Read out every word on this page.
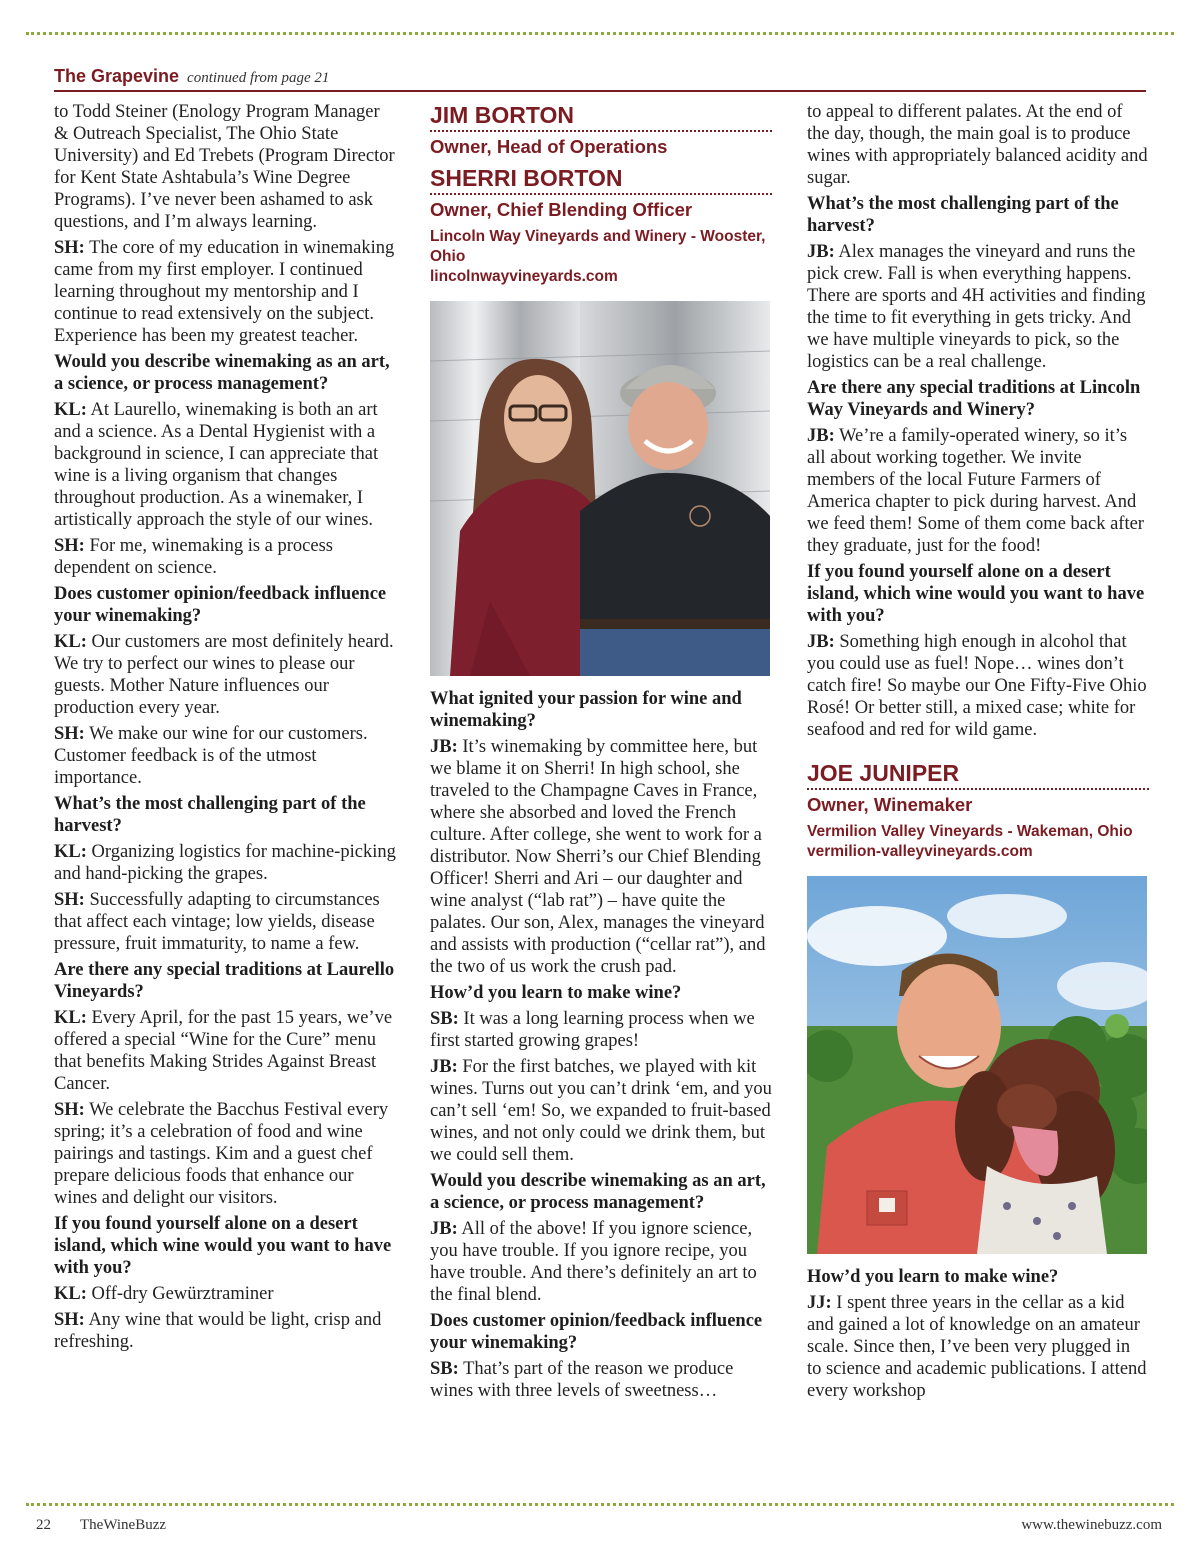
The Grapevine continued from page 21

to Todd Steiner (Enology Program Manager & Outreach Specialist, The Ohio State University) and Ed Trebets (Program Director for Kent State Ashtabula’s Wine Degree Programs). I’ve never been ashamed to ask questions, and I’m always learning.

SH: The core of my education in winemaking came from my first employer. I continued learning throughout my mentorship and I continue to read extensively on the subject. Experience has been my greatest teacher.

Would you describe winemaking as an art, a science, or process management?

KL: At Laurello, winemaking is both an art and a science. As a Dental Hygienist with a background in science, I can appreciate that wine is a living organism that changes throughout production. As a winemaker, I artistically approach the style of our wines.

SH: For me, winemaking is a process dependent on science.

Does customer opinion/feedback influence your winemaking?

KL: Our customers are most definitely heard. We try to perfect our wines to please our guests. Mother Nature influences our production every year.

SH: We make our wine for our customers. Customer feedback is of the utmost importance.

What’s the most challenging part of the harvest?

KL: Organizing logistics for machine-picking and hand-picking the grapes.

SH: Successfully adapting to circumstances that affect each vintage; low yields, disease pressure, fruit immaturity, to name a few.

Are there any special traditions at Laurello Vineyards?

KL: Every April, for the past 15 years, we’ve offered a special “Wine for the Cure” menu that benefits Making Strides Against Breast Cancer.

SH: We celebrate the Bacchus Festival every spring; it’s a celebration of food and wine pairings and tastings. Kim and a guest chef prepare delicious foods that enhance our wines and delight our visitors.

If you found yourself alone on a desert island, which wine would you want to have with you?

KL: Off-dry Gewürztraminer

SH: Any wine that would be light, crisp and refreshing.

JIM BORTON
Owner, Head of Operations
SHERRI BORTON
Owner, Chief Blending Officer
Lincoln Way Vineyards and Winery - Wooster, Ohio
lincolnwayvineyards.com

What ignited your passion for wine and winemaking?

JB: It’s winemaking by committee here, but we blame it on Sherri! In high school, she traveled to the Champagne Caves in France, where she absorbed and loved the French culture. After college, she went to work for a distributor. Now Sherri’s our Chief Blending Officer! Sherri and Ari – our daughter and wine analyst (“lab rat”) – have quite the palates. Our son, Alex, manages the vineyard and assists with production (“cellar rat”), and the two of us work the crush pad.

How’d you learn to make wine?

SB: It was a long learning process when we first started growing grapes!

JB: For the first batches, we played with kit wines. Turns out you can’t drink ‘em, and you can’t sell ‘em! So, we expanded to fruit-based wines, and not only could we drink them, but we could sell them.

Would you describe winemaking as an art, a science, or process management?

JB: All of the above! If you ignore science, you have trouble. If you ignore recipe, you have trouble. And there’s definitely an art to the final blend.

Does customer opinion/feedback influence your winemaking?

SB: That’s part of the reason we produce wines with three levels of sweetness…

to appeal to different palates. At the end of the day, though, the main goal is to produce wines with appropriately balanced acidity and sugar.

What’s the most challenging part of the harvest?

JB: Alex manages the vineyard and runs the pick crew. Fall is when everything happens. There are sports and 4H activities and finding the time to fit everything in gets tricky. And we have multiple vineyards to pick, so the logistics can be a real challenge.

Are there any special traditions at Lincoln Way Vineyards and Winery?

JB: We’re a family-operated winery, so it’s all about working together. We invite members of the local Future Farmers of America chapter to pick during harvest. And we feed them! Some of them come back after they graduate, just for the food!

If you found yourself alone on a desert island, which wine would you want to have with you?

JB: Something high enough in alcohol that you could use as fuel! Nope… wines don’t catch fire! So maybe our One Fifty-Five Ohio Rosé! Or better still, a mixed case; white for seafood and red for wild game.

JOE JUNIPER
Owner, Winemaker
Vermilion Valley Vineyards - Wakeman, Ohio
vermilion-valleyvineyards.com

How’d you learn to make wine?

JJ: I spent three years in the cellar as a kid and gained a lot of knowledge on an amateur scale. Since then, I’ve been very plugged in to science and academic publications. I attend every workshop

22 TheWineBuzz	www.thewinebuzz.com
